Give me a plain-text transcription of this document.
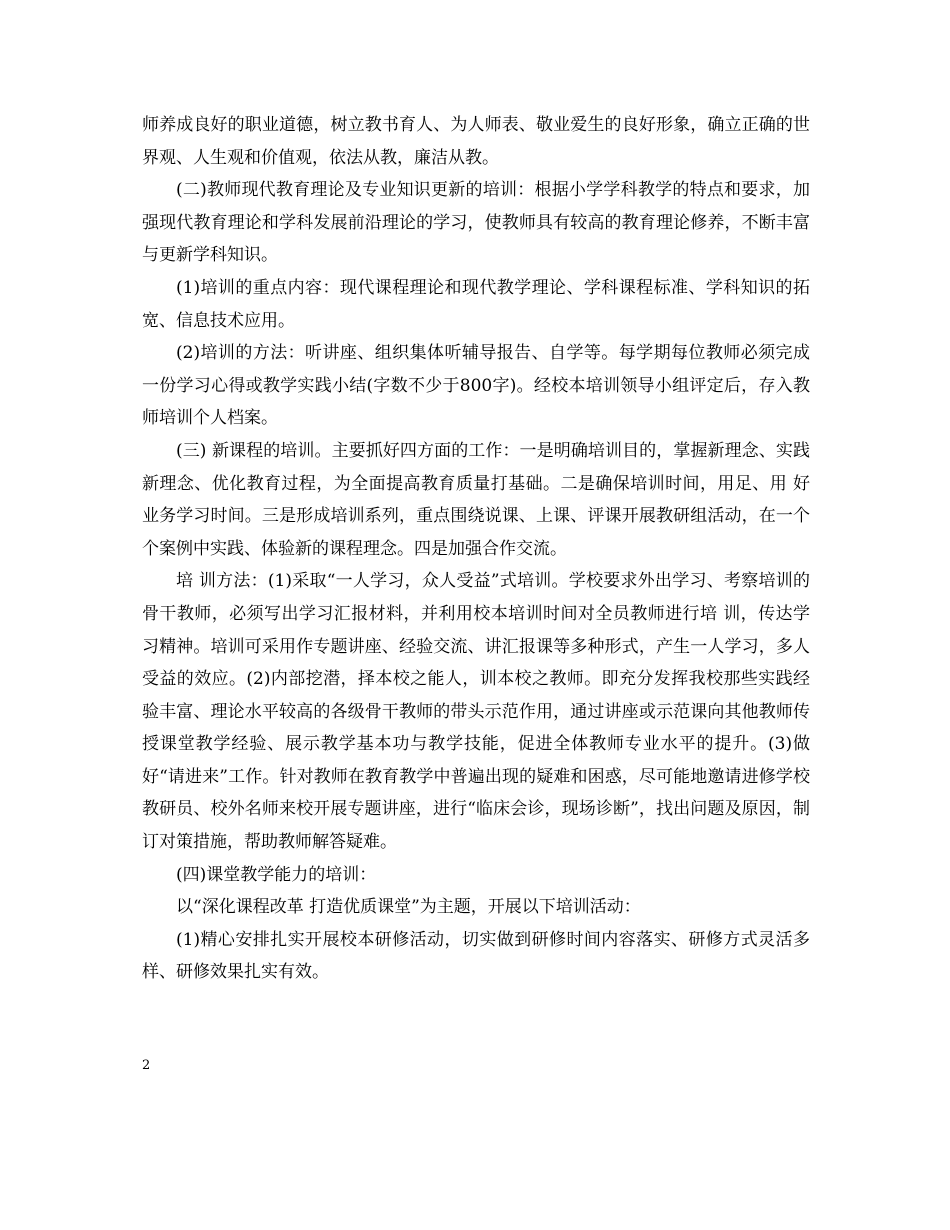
师养成良好的职业道德，树立教书育人、为人师表、敬业爱生的良好形象，确立正确的世界观、人生观和价值观，依法从教，廉洁从教。

(二)教师现代教育理论及专业知识更新的培训：根据小学学科教学的特点和要求，加强现代教育理论和学科发展前沿理论的学习，使教师具有较高的教育理论修养，不断丰富与更新学科知识。

(1)培训的重点内容：现代课程理论和现代教学理论、学科课程标准、学科知识的拓宽、信息技术应用。

(2)培训的方法：听讲座、组织集体听辅导报告、自学等。每学期每位教师必须完成一份学习心得或教学实践小结(字数不少于800字)。经校本培训领导小组评定后，存入教师培训个人档案。

(三) 新课程的培训。主要抓好四方面的工作：一是明确培训目的，掌握新理念、实践新理念、优化教育过程，为全面提高教育质量打基础。二是确保培训时间，用足、用 好业务学习时间。三是形成培训系列，重点围绕说课、上课、评课开展教研组活动，在一个个案例中实践、体验新的课程理念。四是加强合作交流。

培 训方法：(1)采取“一人学习，众人受益”式培训。学校要求外出学习、考察培训的骨干教师，必须写出学习汇报材料，并利用校本培训时间对全员教师进行培 训，传达学习精神。培训可采用作专题讲座、经验交流、讲汇报课等多种形式，产生一人学习，多人受益的效应。(2)内部挖潜，择本校之能人，训本校之教师。即充分发挥我校那些实践经验丰富、理论水平较高的各级骨干教师的带头示范作用，通过讲座或示范课向其他教师传授课堂教学经验、展示教学基本功与教学技能，促进全体教师专业水平的提升。(3)做好“请进来”工作。针对教师在教育教学中普遍出现的疑难和困惑，尽可能地邀请进修学校教研员、校外名师来校开展专题讲座，进行“临床会诊，现场诊断”，找出问题及原因，制订对策措施，帮助教师解答疑难。

(四)课堂教学能力的培训：

以“深化课程改革 打造优质课堂”为主题，开展以下培训活动：

(1)精心安排扎实开展校本研修活动，切实做到研修时间内容落实、研修方式灵活多样、研修效果扎实有效。

2
